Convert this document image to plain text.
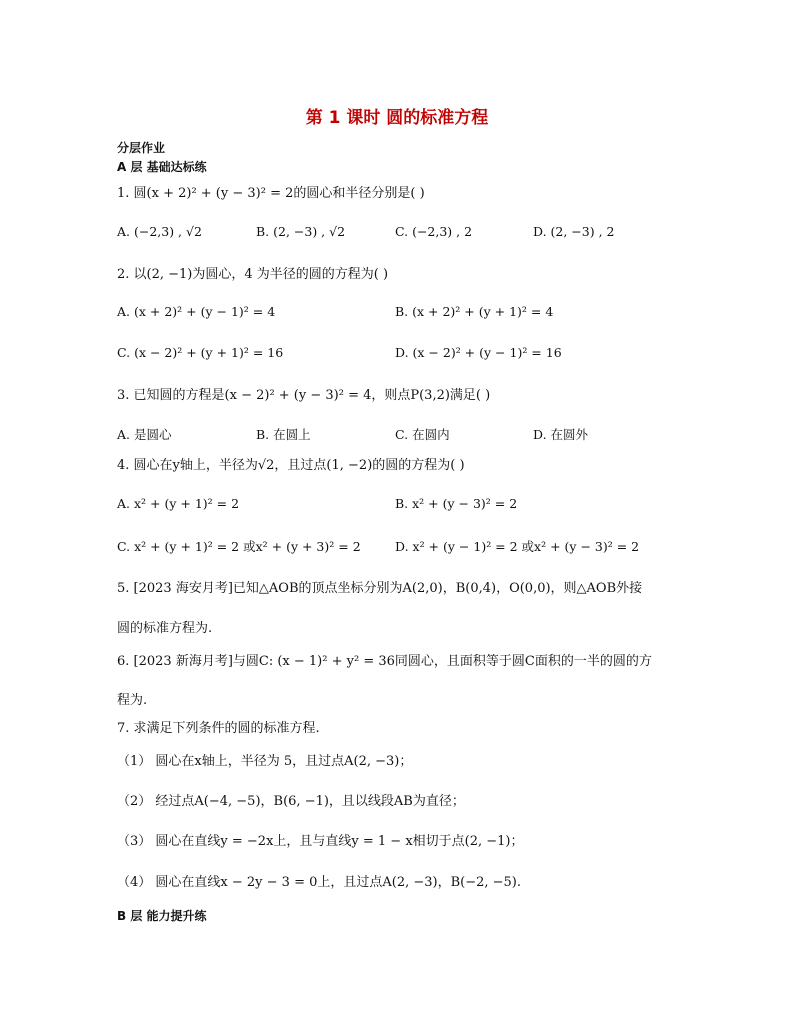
第 1 课时 圆的标准方程
分层作业
A 层 基础达标练
1. 圆(x + 2)² + (y − 3)² = 2的圆心和半径分别是( )
A. (−2,3) , √2	B. (2, −3) , √2	C. (−2,3) , 2	D. (2, −3) , 2
2. 以(2, −1)为圆心，4 为半径的圆的方程为( )
A. (x + 2)² + (y − 1)² = 4	B. (x + 2)² + (y + 1)² = 4
C. (x − 2)² + (y + 1)² = 16	D. (x − 2)² + (y − 1)² = 16
3. 已知圆的方程是(x − 2)² + (y − 3)² = 4，则点P(3,2)满足( )
A. 是圆心	B. 在圆上	C. 在圆内	D. 在圆外
4. 圆心在y轴上，半径为√2，且过点(1, −2)的圆的方程为( )
A. x² + (y + 1)² = 2	B. x² + (y − 3)² = 2
C. x² + (y + 1)² = 2 或x² + (y + 3)² = 2	D. x² + (y − 1)² = 2 或x² + (y − 3)² = 2
5. [2023 海安月考]已知△AOB的顶点坐标分别为A(2,0)，B(0,4)，O(0,0)，则△AOB外接
圆的标准方程为.
6. [2023 新海月考]与圆C: (x − 1)² + y² = 36同圆心，且面积等于圆C面积的一半的圆的方
程为.
7. 求满足下列条件的圆的标准方程.
（1） 圆心在x轴上，半径为 5，且过点A(2, −3)；
（2） 经过点A(−4, −5)，B(6, −1)，且以线段AB为直径；
（3） 圆心在直线y = −2x上，且与直线y = 1 − x相切于点(2, −1)；
（4） 圆心在直线x − 2y − 3 = 0上，且过点A(2, −3)，B(−2, −5).
B 层 能力提升练
